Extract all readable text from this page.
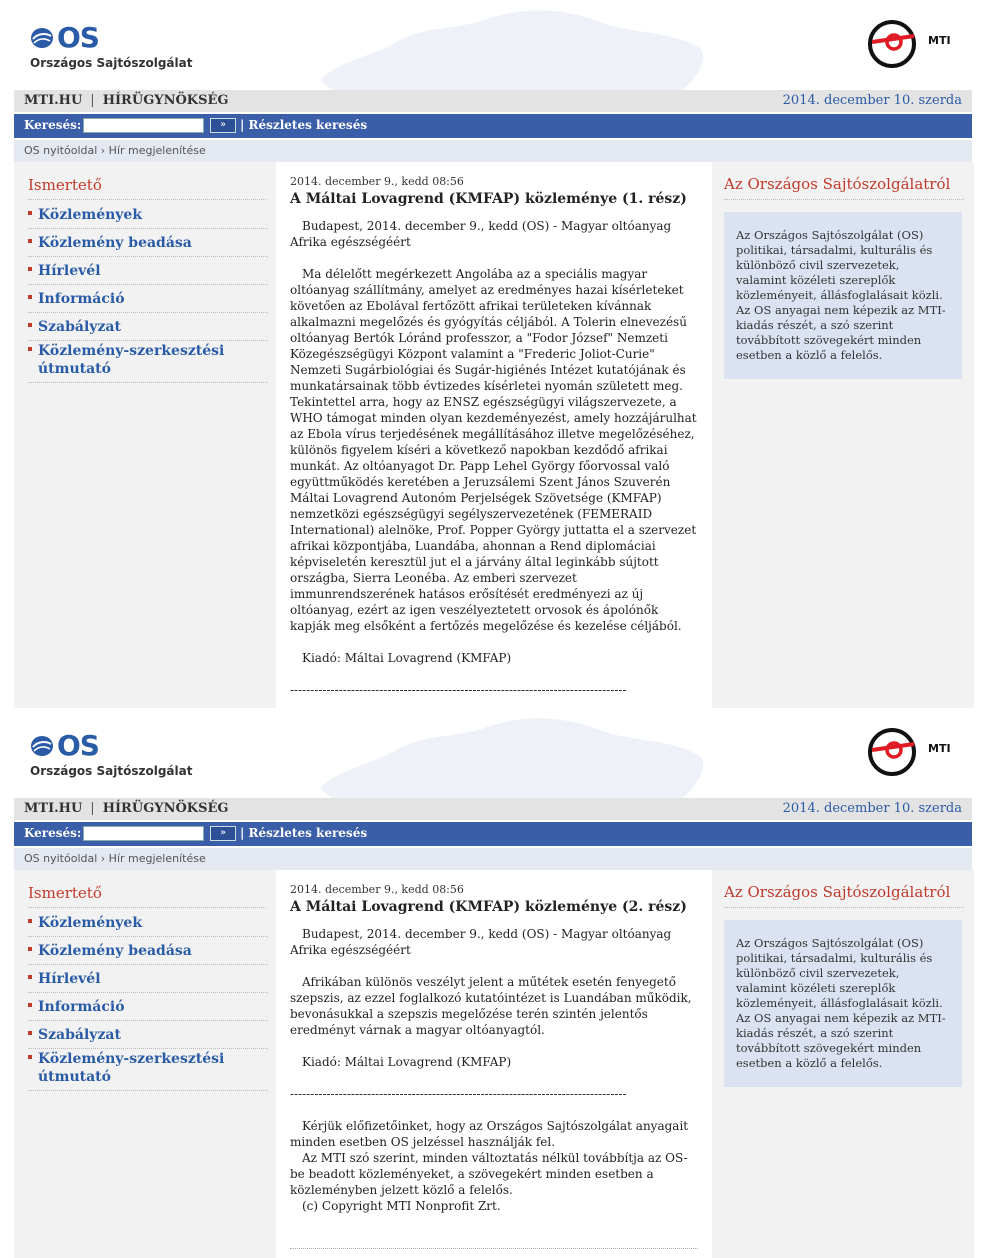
OS
Országos Sajtószolgálat
MTI
MTI.HU | HÍRÜGYNÖKSÉG	2014. december 10. szerda
Keresés:	»	| Részletes keresés
OS nyitóoldal › Hír megjelenítése
Ismertető
Közlemények
Közlemény beadása
Hírlevél
Információ
Szabályzat
Közlemény-szerkesztési útmutató
2014. december 9., kedd 08:56
A Máltai Lovagrend (KMFAP) közleménye (1. rész)

Budapest, 2014. december 9., kedd (OS) - Magyar oltóanyag Afrika egészségéért

Ma délelőtt megérkezett Angolába az a speciális magyar oltóanyag szállítmány, amelyet az eredményes hazai kísérleteket követően az Ebolával fertőzött afrikai területeken kívánnak alkalmazni megelőzés és gyógyítás céljából. A Tolerin elnevezésű oltóanyag Bertók Lóránd professzor, a "Fodor József" Nemzeti Közegészségügyi Központ valamint a "Frederic Joliot-Curie" Nemzeti Sugárbiológiai és Sugár-higiénés Intézet kutatójának és munkatársainak több évtizedes kísérletei nyomán született meg. Tekintettel arra, hogy az ENSZ egészségügyi világszervezete, a WHO támogat minden olyan kezdeményezést, amely hozzájárulhat az Ebola vírus terjedésének megállításához illetve megelőzéséhez, különös figyelem kíséri a következő napokban kezdődő afrikai munkát. Az oltóanyagot Dr. Papp Lehel György főorvossal való együttműködés keretében a Jeruzsálemi Szent János Szuverén Máltai Lovagrend Autonóm Perjelségek Szövetsége (KMFAP) nemzetközi egészségügyi segélyszervezetének (FEMERAID International) alelnöke, Prof. Popper György juttatta el a szervezet afrikai központjába, Luandába, ahonnan a Rend diplomáciai képviseletén keresztül jut el a járvány által leginkább sújtott országba, Sierra Leonéba. Az emberi szervezet immunrendszerének hatásos erősítését eredményezi az új oltóanyag, ezért az igen veszélyeztetett orvosok és ápolónők kapják meg elsőként a fertőzés megelőzése és kezelése céljából.

Kiadó: Máltai Lovagrend (KMFAP)

-----------------------------------------------------------------------------------
Az Országos Sajtószolgálatról
Az Országos Sajtószolgálat (OS) politikai, társadalmi, kulturális és különböző civil szervezetek, valamint közéleti szereplők közleményeit, állásfoglalásait közli.
Az OS anyagai nem képezik az MTI-kiadás részét, a szó szerint továbbított szövegekért minden esetben a közlő a felelős.
OS
Országos Sajtószolgálat
MTI
MTI.HU | HÍRÜGYNÖKSÉG	2014. december 10. szerda
Keresés:	»	| Részletes keresés
OS nyitóoldal › Hír megjelenítése
Ismertető
Közlemények
Közlemény beadása
Hírlevél
Információ
Szabályzat
Közlemény-szerkesztési útmutató
2014. december 9., kedd 08:56
A Máltai Lovagrend (KMFAP) közleménye (2. rész)

Budapest, 2014. december 9., kedd (OS) - Magyar oltóanyag Afrika egészségéért

Afrikában különös veszélyt jelent a műtétek esetén fenyegető szepszis, az ezzel foglalkozó kutatóintézet is Luandában működik, bevonásukkal a szepszis megelőzése terén szintén jelentős eredményt várnak a magyar oltóanyagtól.

Kiadó: Máltai Lovagrend (KMFAP)

-----------------------------------------------------------------------------------

Kérjük előfizetőinket, hogy az Országos Sajtószolgálat anyagait minden esetben OS jelzéssel használják fel.

Az MTI szó szerint, minden változtatás nélkül továbbítja az OS-be beadott közleményeket, a szövegekért minden esetben a közleményben jelzett közlő a felelős.

(c) Copyright MTI Nonprofit Zrt.

Az Országos Sajtószolgálatról
Az Országos Sajtószolgálat (OS) politikai, társadalmi, kulturális és különböző civil szervezetek, valamint közéleti szereplők közleményeit, állásfoglalásait közli.
Az OS anyagai nem képezik az MTI-kiadás részét, a szó szerint továbbított szövegekért minden esetben a közlő a felelős.
